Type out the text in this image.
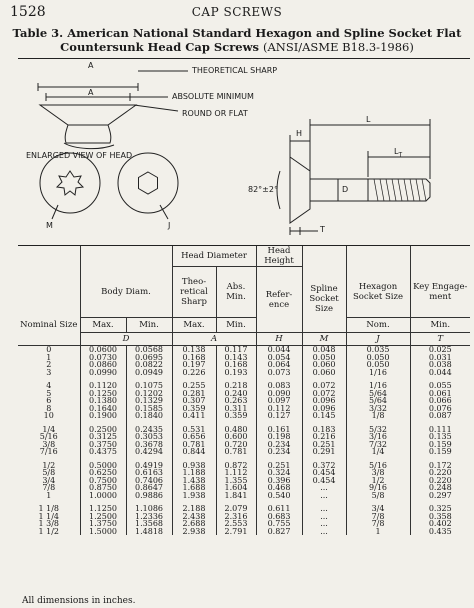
1528	CAP SCREWS
Table 3. American National Standard Hexagon and Spline Socket Flat
Countersunk Head Cap Screws (ANSI/ASME B18.3-1986)
A
THEORETICAL SHARP
A	ABSOLUTE MINIMUM
ROUND OR FLAT
ENLARGED VIEW OF HEAD
M	J
L
$L_T$
H
D
T
82°±2°
			Head Diameter		Head Height			
	Body Diam.		Theo-retical Sharp	Abs. Min.	Refer-ence	Spline Socket Size	Hexagon Socket Size	Key Engage-ment
Nominal Size	Max.	Min.	Max.	Min.			Nom.	Min.
	D		A		H	M	J	T
0	0.0600	0.0568	0.138	0.117	0.044	0.048	0.035	0.025
1	0.0730	0.0695	0.168	0.143	0.054	0.050	0.050	0.031
2	0.0860	0.0822	0.197	0.168	0.064	0.060	0.050	0.038
3	0.0990	0.0949	0.226	0.193	0.073	0.060	1/16	0.044

4	0.1120	0.1075	0.255	0.218	0.083	0.072	1/16	0.055
5	0.1250	0.1202	0.281	0.240	0.090	0.072	5/64	0.061
6	0.1380	0.1329	0.307	0.263	0.097	0.096	5/64	0.066
8	0.1640	0.1585	0.359	0.311	0.112	0.096	3/32	0.076
10	0.1900	0.1840	0.411	0.359	0.127	0.145	1/8	0.087

1/4	0.2500	0.2435	0.531	0.480	0.161	0.183	5/32	0.111
5/16	0.3125	0.3053	0.656	0.600	0.198	0.216	3/16	0.135
3/8	0.3750	0.3678	0.781	0.720	0.234	0.251	7/32	0.159
7/16	0.4375	0.4294	0.844	0.781	0.234	0.291	1/4	0.159

1/2	0.5000	0.4919	0.938	0.872	0.251	0.372	5/16	0.172
5/8	0.6250	0.6163	1.188	1.112	0.324	0.454	3/8	0.220
3/4	0.7500	0.7406	1.438	1.355	0.396	0.454	1/2	0.220
7/8	0.8750	0.8647	1.688	1.604	0.468	...	9/16	0.248
1	1.0000	0.9886	1.938	1.841	0.540	...	5/8	0.297

1 1/8	1.1250	1.1086	2.188	2.079	0.611	...	3/4	0.325
1 1/4	1.2500	1.2336	2.438	2.316	0.683	...	7/8	0.358
1 3/8	1.3750	1.3568	2.688	2.553	0.755	...	7/8	0.402
1 1/2	1.5000	1.4818	2.938	2.791	0.827	...	1	0.435
All dimensions in inches.
